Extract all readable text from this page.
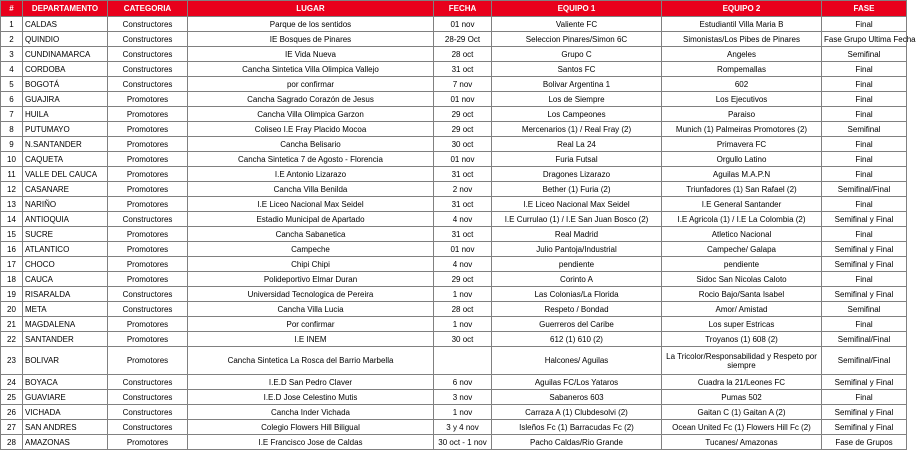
#	DEPARTAMENTO	CATEGORIA	LUGAR	FECHA	EQUIPO 1	EQUIPO 2	FASE
1	CALDAS	Constructores	Parque de los sentidos	01 nov	Valiente FC	Estudiantil Villa Maria B	Final
2	QUINDIO	Constructores	IE Bosques de Pinares	28-29 Oct	Seleccion Pinares/Simon 6C	Simonistas/Los Pibes de Pinares	Fase Grupo Ultima Fecha
3	CUNDINAMARCA	Constructores	IE Vida Nueva	28 oct	Grupo C	Angeles	Semifinal
4	CORDOBA	Constructores	Cancha Sintetica Villa Olimpica Vallejo	31 oct	Santos FC	Rompemallas	Final
5	BOGOTÁ	Constructores	por confirmar	7 nov	Bolivar Argentina 1	602	Final
6	GUAJIRA	Promotores	Cancha Sagrado Corazón de Jesus	01 nov	Los de Siempre	Los Ejecutivos	Final
7	HUILA	Promotores	Cancha Villa Olimpica Garzon	29 oct	Los Campeones	Paraiso	Final
8	PUTUMAYO	Promotores	Coliseo I.E Fray Placido Mocoa	29 oct	Mercenarios (1) / Real Fray (2)	Munich (1) Palmeiras Promotores (2)	Semifinal
9	N.SANTANDER	Promotores	Cancha Belisario	30 oct	Real La 24	Primavera FC	Final
10	CAQUETA	Promotores	Cancha Sintetica 7 de Agosto - Florencia	01 nov	Furia Futsal	Orgullo Latino	Final
11	VALLE DEL CAUCA	Promotores	I.E Antonio Lizarazo	31 oct	Dragones Lizarazo	Aguilas M.A.P.N	Final
12	CASANARE	Promotores	Cancha Villa Benilda	2 nov	Bether (1) Furia (2)	Triunfadores (1) San Rafael (2)	Semifinal/Final
13	NARIÑO	Promotores	I.E Liceo Nacional Max Seidel	31 oct	I.E Liceo Nacional Max Seidel	I.E General Santander	Final
14	ANTIOQUIA	Constructores	Estadio Municipal de Apartado	4 nov	I.E Currulao (1) / I.E San Juan Bosco (2)	I.E Agricola (1) / I.E La Colombia (2)	Semifinal y Final
15	SUCRE	Promotores	Cancha Sabanetica	31 oct	Real Madrid	Atletico Nacional	Final
16	ATLANTICO	Promotores	Campeche	01 nov	Julio Pantoja/Industrial	Campeche/ Galapa	Semifinal y Final
17	CHOCO	Promotores	Chipi Chipi	4 nov	pendiente	pendiente	Semifinal y Final
18	CAUCA	Promotores	Polideportivo Elmar Duran	29 oct	Corinto A	Sidoc San Nicolas Caloto	Final
19	RISARALDA	Constructores	Universidad Tecnologica de Pereira	1 nov	Las Colonias/La Florida	Rocio Bajo/Santa Isabel	Semifinal y Final
20	META	Constructores	Cancha Villa Lucia	28 oct	Respeto / Bondad	Amor/ Amistad	Semifinal
21	MAGDALENA	Promotores	Por confirmar	1 nov	Guerreros del Caribe	Los super Estricas	Final
22	SANTANDER	Promotores	I.E INEM	30 oct	612 (1) 610 (2)	Troyanos (1) 608 (2)	Semifinal/Final
23	BOLIVAR	Promotores	Cancha Sintetica La Rosca del Barrio Marbella		Halcones/ Aguilas	La Tricolor/Responsabilidad y Respeto por siempre	Semifinal/Final
24	BOYACA	Constructores	I.E.D San Pedro Claver	6 nov	Aguilas FC/Los Yataros	Cuadra la 21/Leones FC	Semifinal y Final
25	GUAVIARE	Constructores	I.E.D Jose Celestino Mutis	3 nov	Sabaneros 603	Pumas 502	Final
26	VICHADA	Constructores	Cancha Inder Vichada	1 nov	Carraza A (1) Clubdesolvi (2)	Gaitan C (1) Gaitan A (2)	Semifinal y Final
27	SAN ANDRES	Constructores	Colegio Flowers Hill Biligual	3 y 4 nov	Isleños Fc (1) Barracudas Fc (2)	Ocean United Fc (1) Flowers Hill Fc (2)	Semifinal y Final
28	AMAZONAS	Promotores	I.E Francisco Jose de Caldas	30 oct - 1 nov	Pacho Caldas/Rio Grande	Tucanes/ Amazonas	Fase de Grupos
